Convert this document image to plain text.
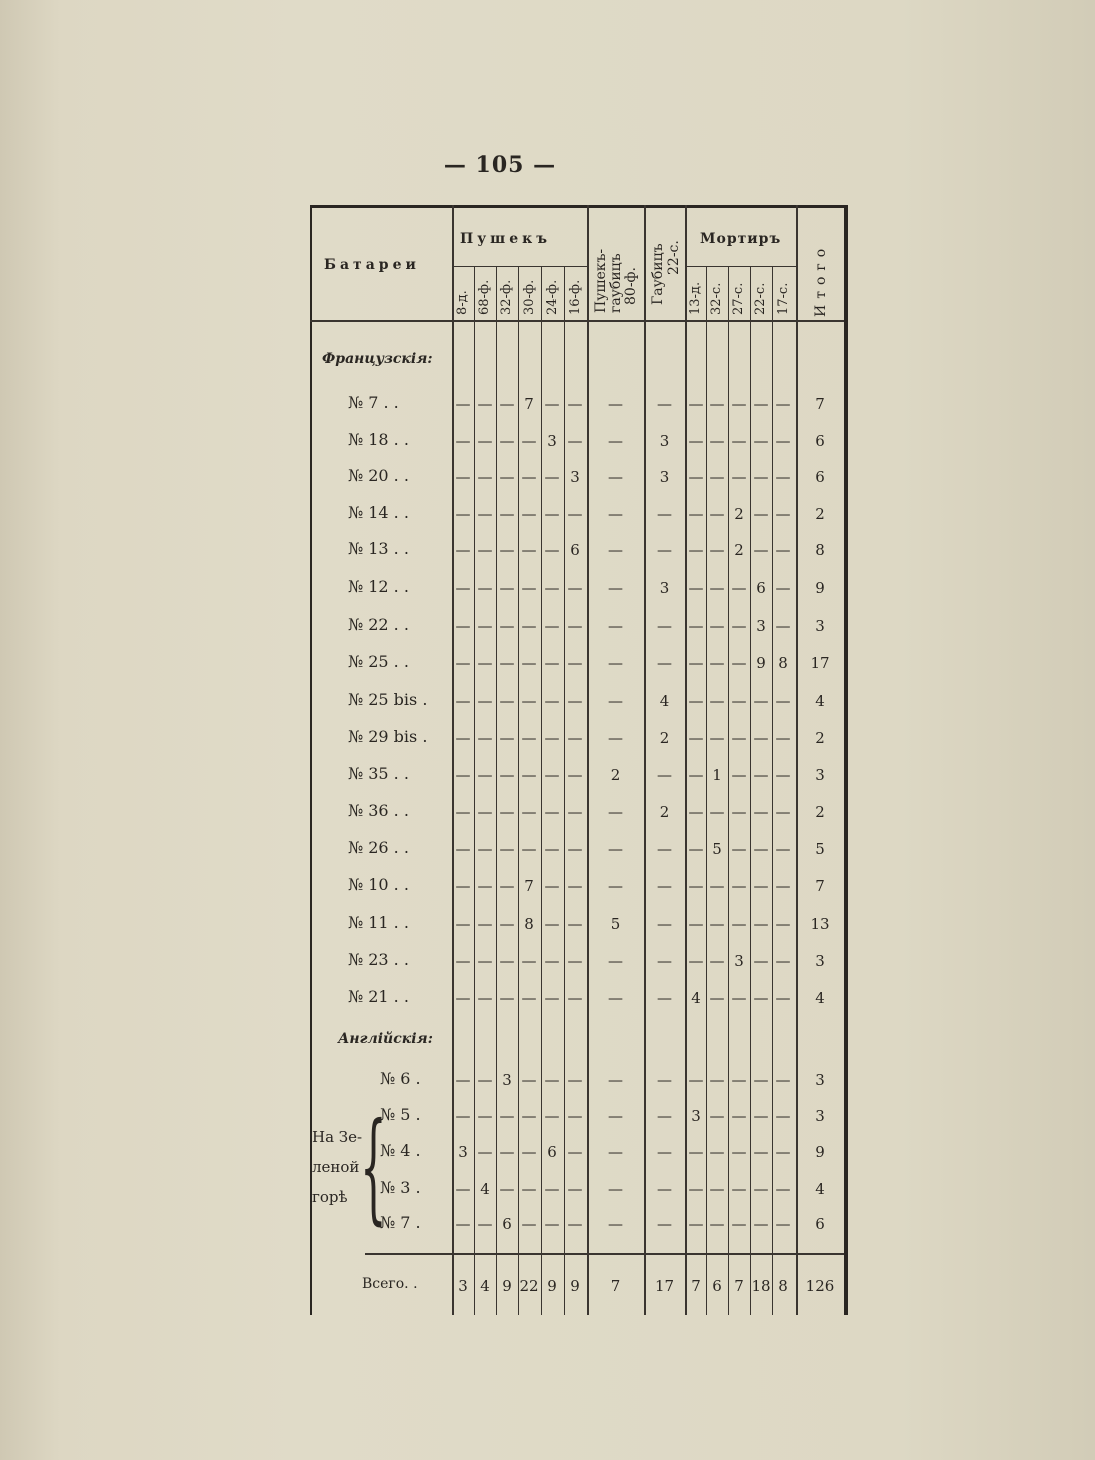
— 105 —
Батареи
Пушекъ	Мортиръ
8-д. 68-ф. 32-ф. 30-ф. 24-ф. 16-ф.	13-д. 32-с. 27-с. 22-с. 17-с.
Пушекъ- гаубицъ 80-ф. Гаубицъ 22-с.	Итого
Французскія:
Англійскія:
№ 7 . .	— — — 7 — —	—	—	— — — — —	7
№ 18 . .	— — — — 3 —	—	3	— — — — —	6
№ 20 . .	— — — — — 3	—	3	— — — — —	6
№ 14 . .	— — — — — —	—	—	— — 2 — —	2
№ 13 . .	— — — — — 6	—	—	— — 2 — —	8
№ 12 . .	— — — — — —	—	3	— — — 6 —	9
№ 22 . .	— — — — — —	—	—	— — — 3 —	3
№ 25 . .	— — — — — —	—	—	— — — 9 8	17
№ 25 bis . — — — — — —	—	4	— — — — —	4
№ 29 bis . — — — — — —	—	2	— — — — —	2
№ 35 . .	— — — — — —	2	—	— 1 — — —	3
№ 36 . .	— — — — — —	—	2	— — — — —	2
№ 26 . .	— — — — — —	—	—	— 5 — — —	5
№ 10 . .	— — — 7 — —	—	—	— — — — —	7
№ 11 . .	— — — 8 — —	5	—	— — — — —	13
№ 23 . .	— — — — — —	—	—	— — 3 — —	3
№ 21 . .	— — — — — —	—	—	4 — — — —	4
№ 6 . — — 3 — — —	—	—	— — — — —	3
№ 5 . — — — — — —	—	—	3 — — — —	3
№ 4 .	3 — — — 6 —	—	—	— — — — —	9
№ 3 . — 4 — — — —	—	—	— — — — —	4
№ 7 . — — 6 — — —	—	—	— — — — —	6
На Зе-
леной
горѣ {
Всего. .	3 4 9 22 9 9	7	17	7 6 7 18 8	126
